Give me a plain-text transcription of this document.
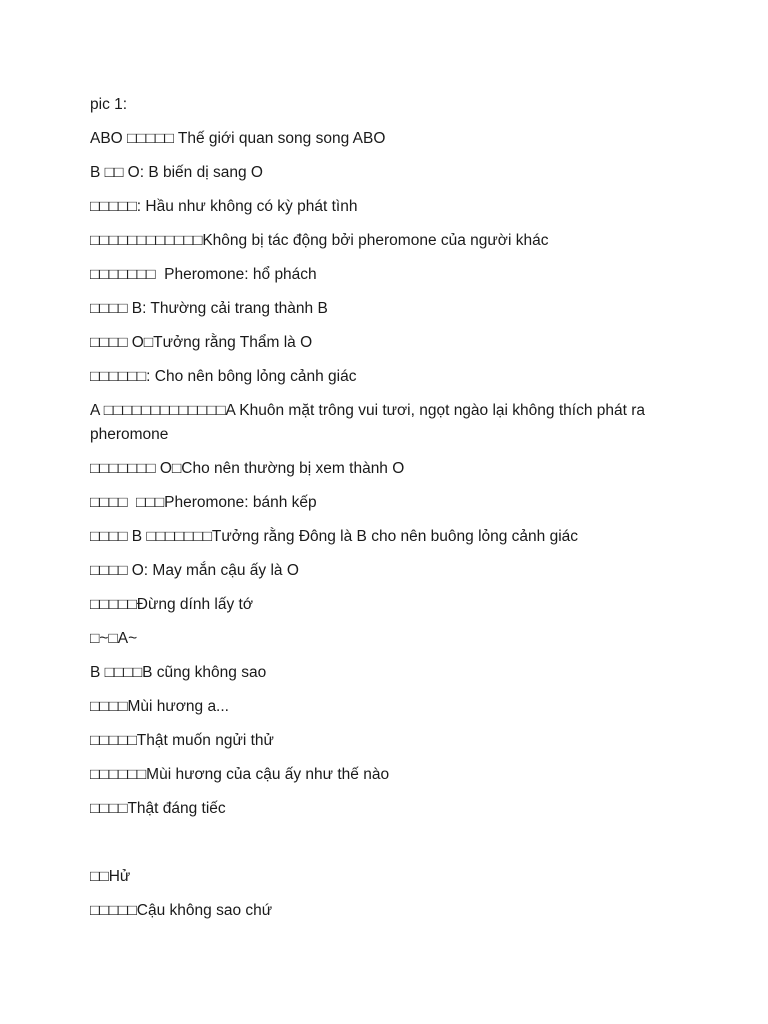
pic 1:

ABO □□□□□ Thế giới quan song song ABO

B □□ O: B biến dị sang O

□□□□□: Hầu như không có kỳ phát tình

□□□□□□□□□□□□Không bị tác động bởi pheromone của người khác

□□□□□□□  Pheromone: hổ phách

□□□□ B: Thường cải trang thành B

□□□□ O□Tưởng rằng Thẩm là O

□□□□□□: Cho nên bông lỏng cảnh giác

A □□□□□□□□□□□□□A Khuôn mặt trông vui tươi, ngọt ngào lại không thích phát ra pheromone

□□□□□□□ O□Cho nên thường bị xem thành O

□□□□  □□□Pheromone: bánh kếp

□□□□ B □□□□□□□Tưởng rằng Đông là B cho nên buông lỏng cảnh giác

□□□□ O: May mắn cậu ấy là O

□□□□□Đừng dính lấy tớ

□~□A~

B □□□□B cũng không sao

□□□□Mùi hương a...

□□□□□Thật muốn ngửi thử

□□□□□□Mùi hương của cậu ấy như thế nào

□□□□Thật đáng tiếc

□□Hử

□□□□□Cậu không sao chứ
